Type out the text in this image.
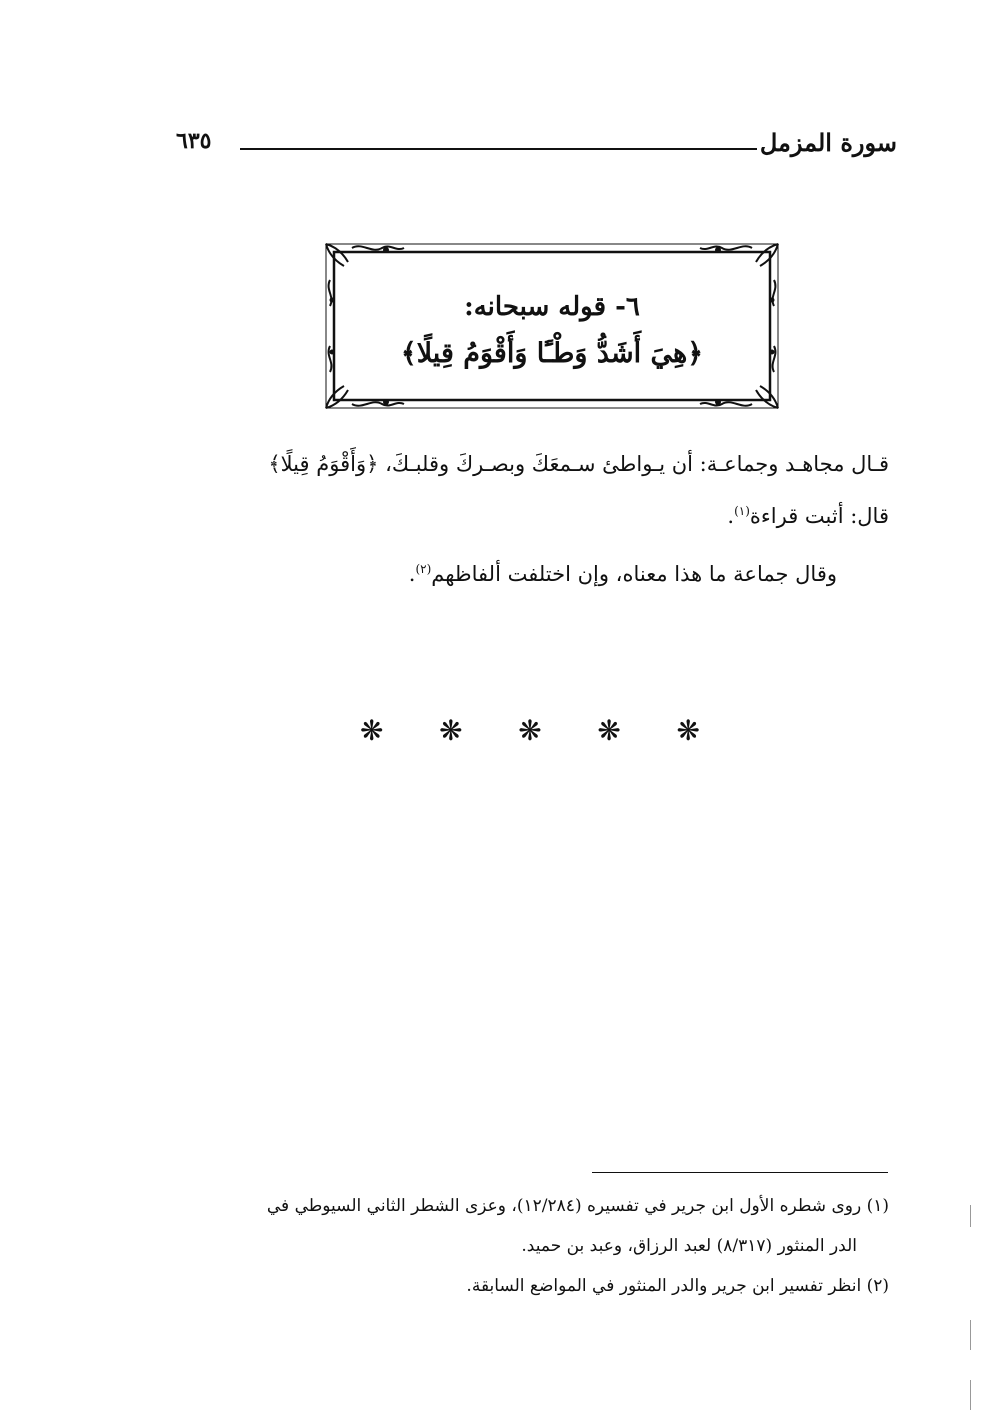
سورة المزمل
٦٣٥
٦- قوله سبحانه:
﴿هِيَ أَشَدُّ وَطْـًٔا وَأَقْوَمُ قِيلًا﴾
قـال مجاهـد وجماعـة: أن يـواطئ سـمعَكَ وبصـركَ وقلبـكَ، ﴿وَأَقْوَمُ قِيلًا﴾
قال: أثبت قراءة$^{(١)}$.
وقال جماعة ما هذا معناه، وإن اختلفت ألفاظهم$^{(٢)}$.
❋ ❋ ❋ ❋ ❋
(١) روى شطره الأول ابن جرير في تفسيره (١٢/٢٨٤)، وعزى الشطر الثاني السيوطي في
الدر المنثور (٨/٣١٧) لعبد الرزاق، وعبد بن حميد.
(٢) انظر تفسير ابن جرير والدر المنثور في المواضع السابقة.
